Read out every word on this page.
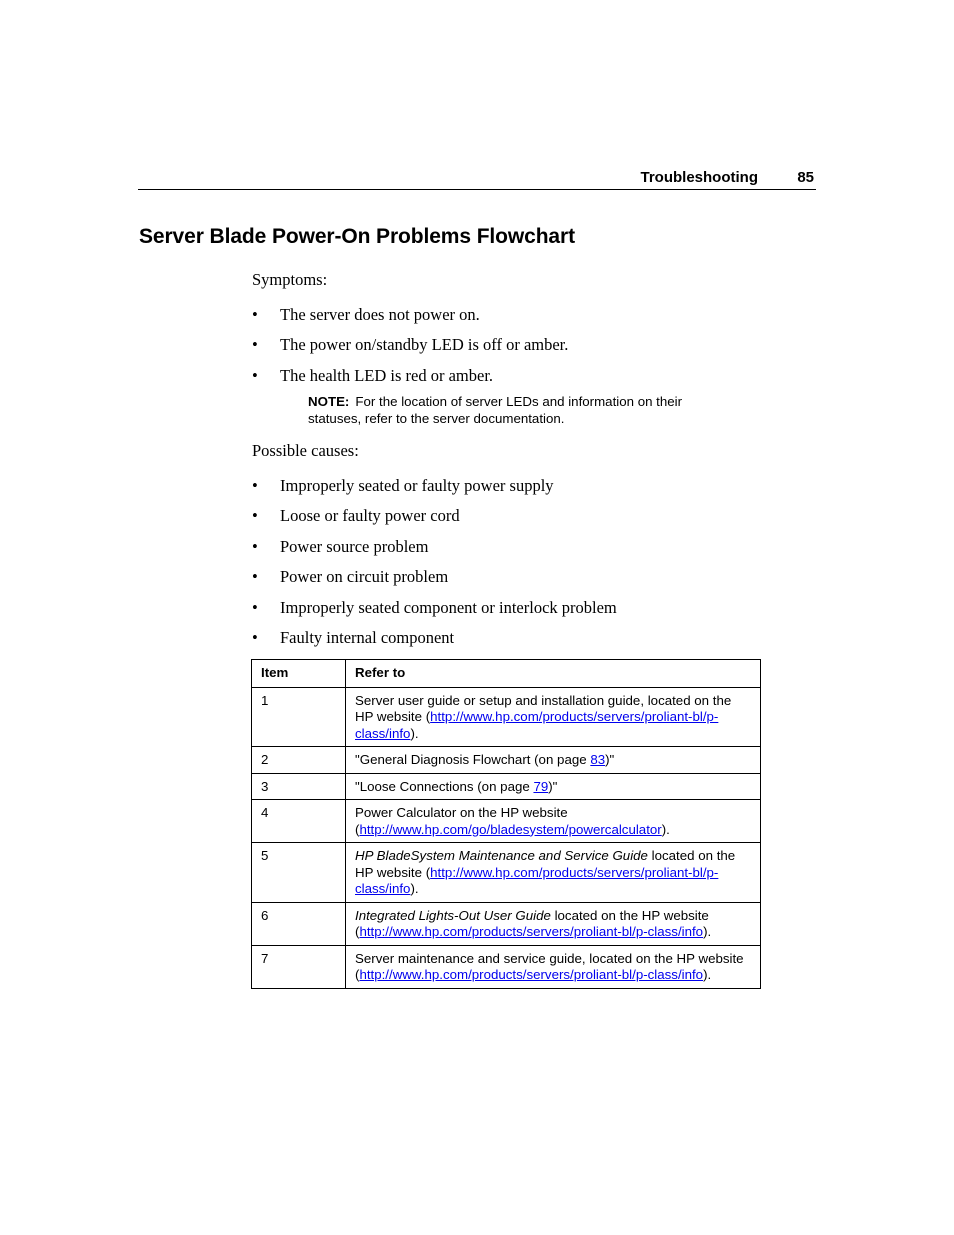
Troubleshooting	85
Server Blade Power-On Problems Flowchart

Symptoms:

• The server does not power on.
• The power on/standby LED is off or amber.
• The health LED is red or amber.
NOTE: For the location of server LEDs and information on their statuses, refer to the server documentation.

Possible causes:

• Improperly seated or faulty power supply
• Loose or faulty power cord
• Power source problem
• Power on circuit problem
• Improperly seated component or interlock problem
• Faulty internal component
Item	Refer to
1	Server user guide or setup and installation guide, located on the HP website (http://www.hp.com/products/servers/proliant-bl/p-class/info).
2	"General Diagnosis Flowchart (on page 83)"
3	"Loose Connections (on page 79)"
4	Power Calculator on the HP website (http://www.hp.com/go/bladesystem/powercalculator).
5	HP BladeSystem Maintenance and Service Guide located on the HP website (http://www.hp.com/products/servers/proliant-bl/p-class/info).
6	Integrated Lights-Out User Guide located on the HP website (http://www.hp.com/products/servers/proliant-bl/p-class/info).
7	Server maintenance and service guide, located on the HP website (http://www.hp.com/products/servers/proliant-bl/p-class/info).
